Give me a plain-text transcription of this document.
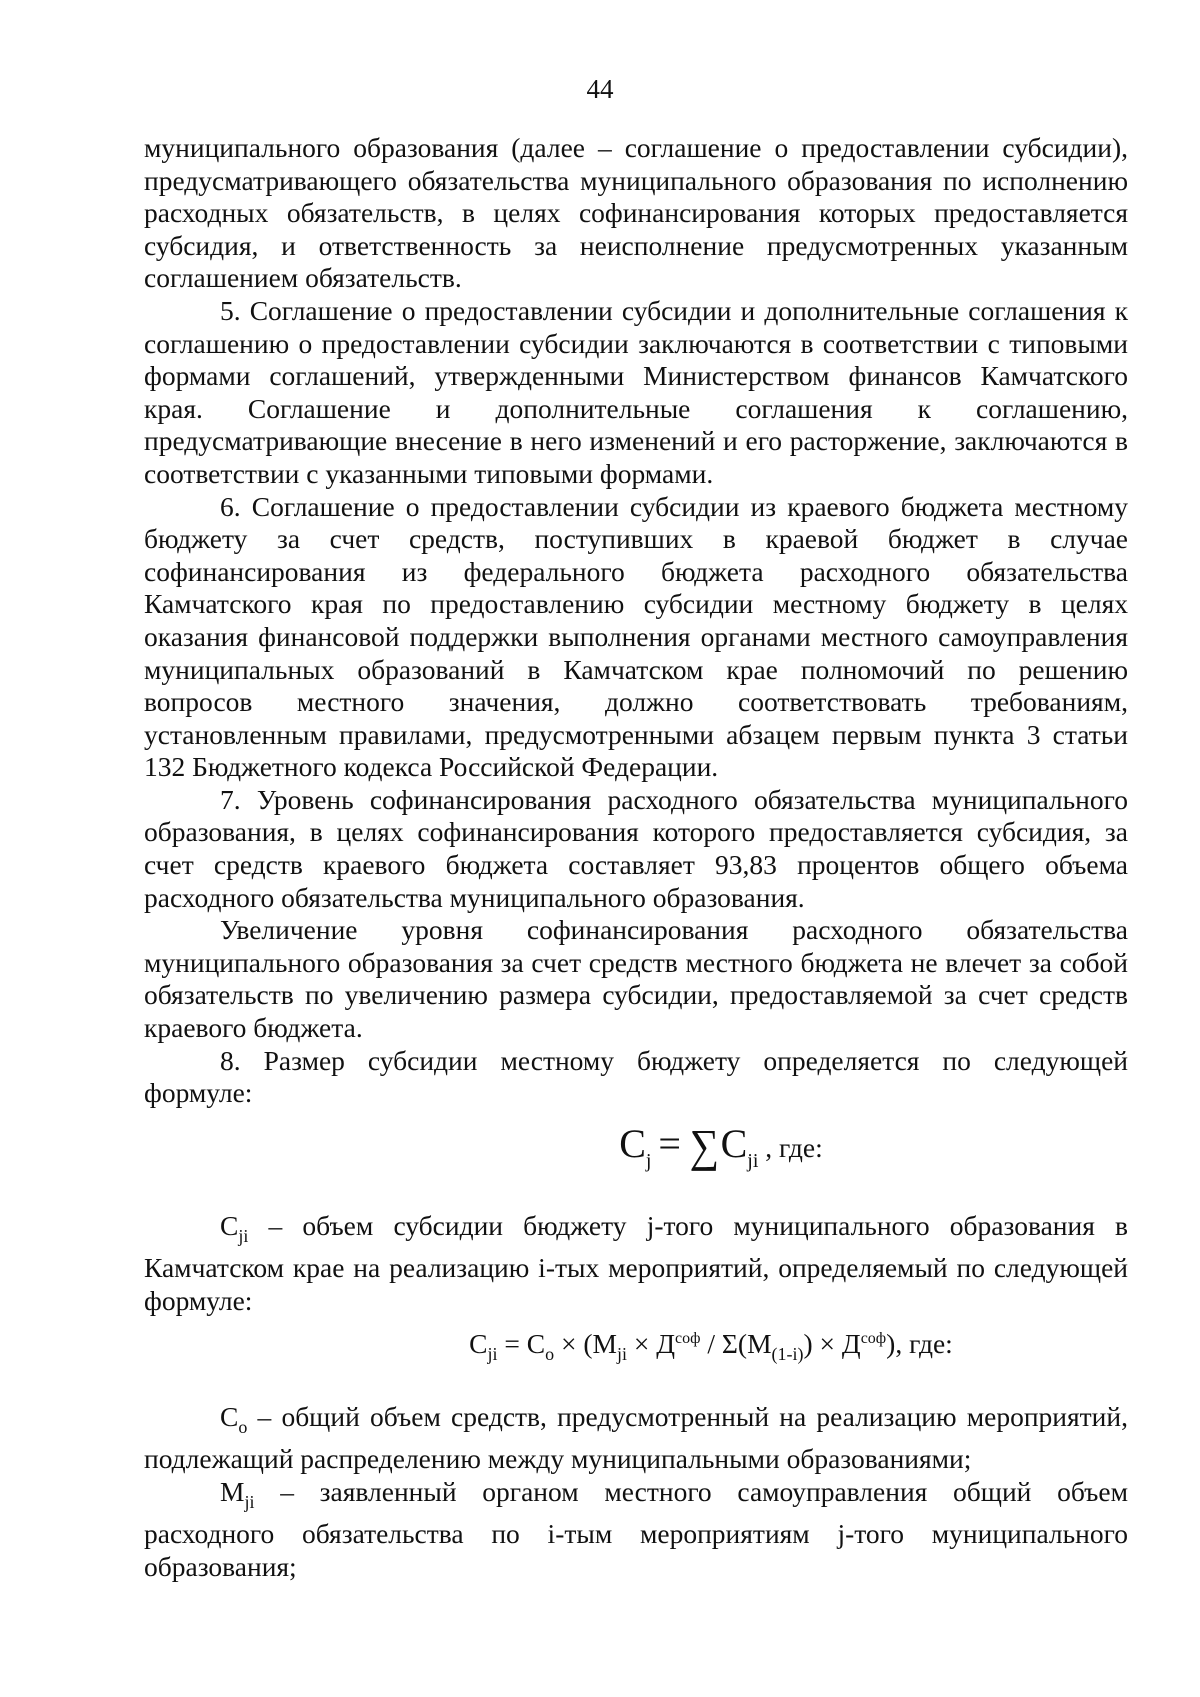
44

муниципального образования (далее – соглашение о предоставлении субсидии), предусматривающего обязательства муниципального образования по исполнению расходных обязательств, в целях софинансирования которых предоставляется субсидия, и ответственность за неисполнение предусмотренных указанным соглашением обязательств.

5. Соглашение о предоставлении субсидии и дополнительные соглашения к соглашению о предоставлении субсидии заключаются в соответствии с типовыми формами соглашений, утвержденными Министерством финансов Камчатского края. Соглашение и дополнительные соглашения к соглашению, предусматривающие внесение в него изменений и его расторжение, заключаются в соответствии с указанными типовыми формами.

6. Соглашение о предоставлении субсидии из краевого бюджета местному бюджету за счет средств, поступивших в краевой бюджет в случае софинансирования из федерального бюджета расходного обязательства Камчатского края по предоставлению субсидии местному бюджету в целях оказания финансовой поддержки выполнения органами местного самоуправления муниципальных образований в Камчатском крае полномочий по решению вопросов местного значения, должно соответствовать требованиям, установленным правилами, предусмотренными абзацем первым пункта 3 статьи 132 Бюджетного кодекса Российской Федерации.

7. Уровень софинансирования расходного обязательства муниципального образования, в целях софинансирования которого предоставляется субсидия, за счет средств краевого бюджета составляет 93,83 процентов общего объема расходного обязательства муниципального образования.

Увеличение уровня софинансирования расходного обязательства муниципального образования за счет средств местного бюджета не влечет за собой обязательств по увеличению размера субсидии, предоставляемой за счет средств краевого бюджета.

8. Размер субсидии местному бюджету определяется по следующей формуле:

$C_j = \sum C_{ji}$ , где:

$C_{ji}$ – объем субсидии бюджету j-того муниципального образования в Камчатском крае на реализацию i-тых мероприятий, определяемый по следующей формуле:

$C_{ji} = C_o \times (M_{ji} \times Д^{соф} / \Sigma(M_{(1-i)}) \times Д^{соф})$, где:

$C_o$ – общий объем средств, предусмотренный на реализацию мероприятий, подлежащий распределению между муниципальными образованиями;

$M_{ji}$ – заявленный органом местного самоуправления общий объем расходного обязательства по i-тым мероприятиям j-того муниципального образования;
